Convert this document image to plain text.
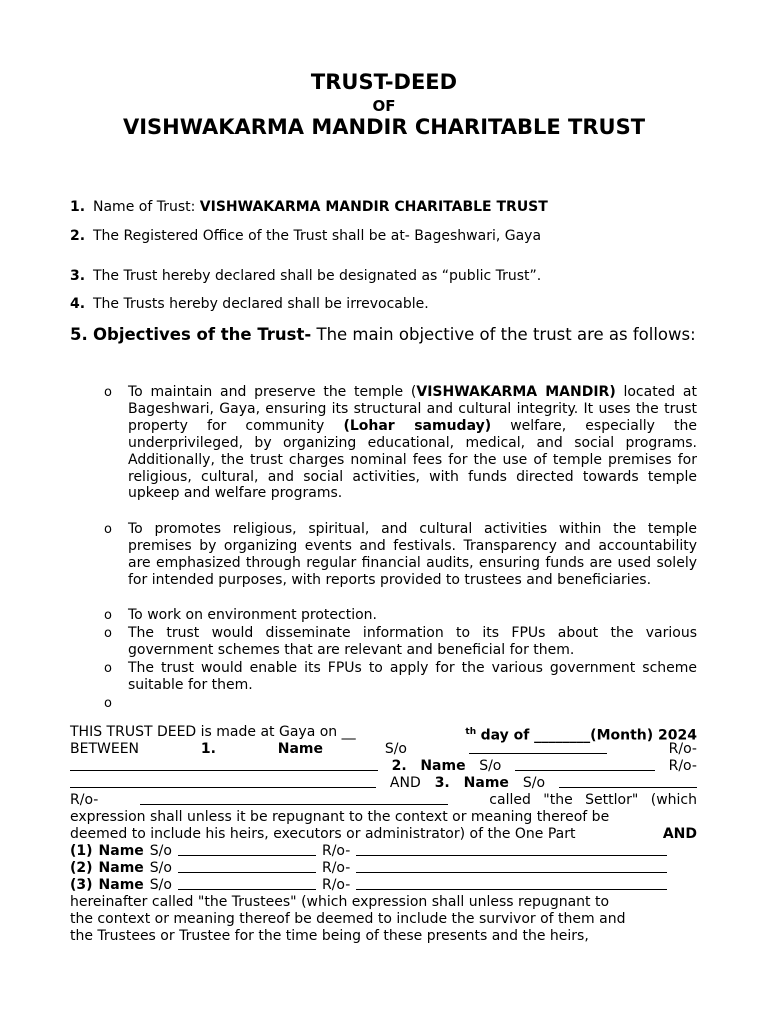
TRUST-DEED
OF
VISHWAKARMA MANDIR CHARITABLE TRUST
1. Name of Trust: VISHWAKARMA MANDIR CHARITABLE TRUST
2. The Registered Office of the Trust shall be at- Bageshwari, Gaya
3. The Trust hereby declared shall be designated as “public Trust”.
4. The Trusts hereby declared shall be irrevocable.
5. Objectives of the Trust- The main objective of the trust are as follows:
o To maintain and preserve the temple (VISHWAKARMA MANDIR) located at Bageshwari, Gaya, ensuring its structural and cultural integrity. It uses the trust property for community (Lohar samuday) welfare, especially the underprivileged, by organizing educational, medical, and social programs. Additionally, the trust charges nominal fees for the use of temple premises for religious, cultural, and social activities, with funds directed towards temple upkeep and welfare programs.
o To promotes religious, spiritual, and cultural activities within the temple premises by organizing events and festivals. Transparency and accountability are emphasized through regular financial audits, ensuring funds are used solely for intended purposes, with reports provided to trustees and beneficiaries.
o To work on environment protection.
o The trust would disseminate information to its FPUs about the various government schemes that are relevant and beneficial for them.
o The trust would enable its FPUs to apply for the various government scheme suitable for them.
o
THIS TRUST DEED is made at Gaya on __	$^{th}$ day of ________(Month) 2024
BETWEEN	1.	Name	S/o	R/o-
2. Name S/o	R/o-
AND 3. Name S/o
R/o-	called "the Settlor" (which
expression shall unless it be repugnant to the context or meaning thereof be
deemed to include his heirs, executors or administrator) of the One Part	AND
(1) Name S/o	R/o-
(2) Name S/o	R/o-
(3) Name S/o	R/o-
hereinafter called "the Trustees" (which expression shall unless repugnant to
the context or meaning thereof be deemed to include the survivor of them and
the Trustees or Trustee for the time being of these presents and the heirs,
